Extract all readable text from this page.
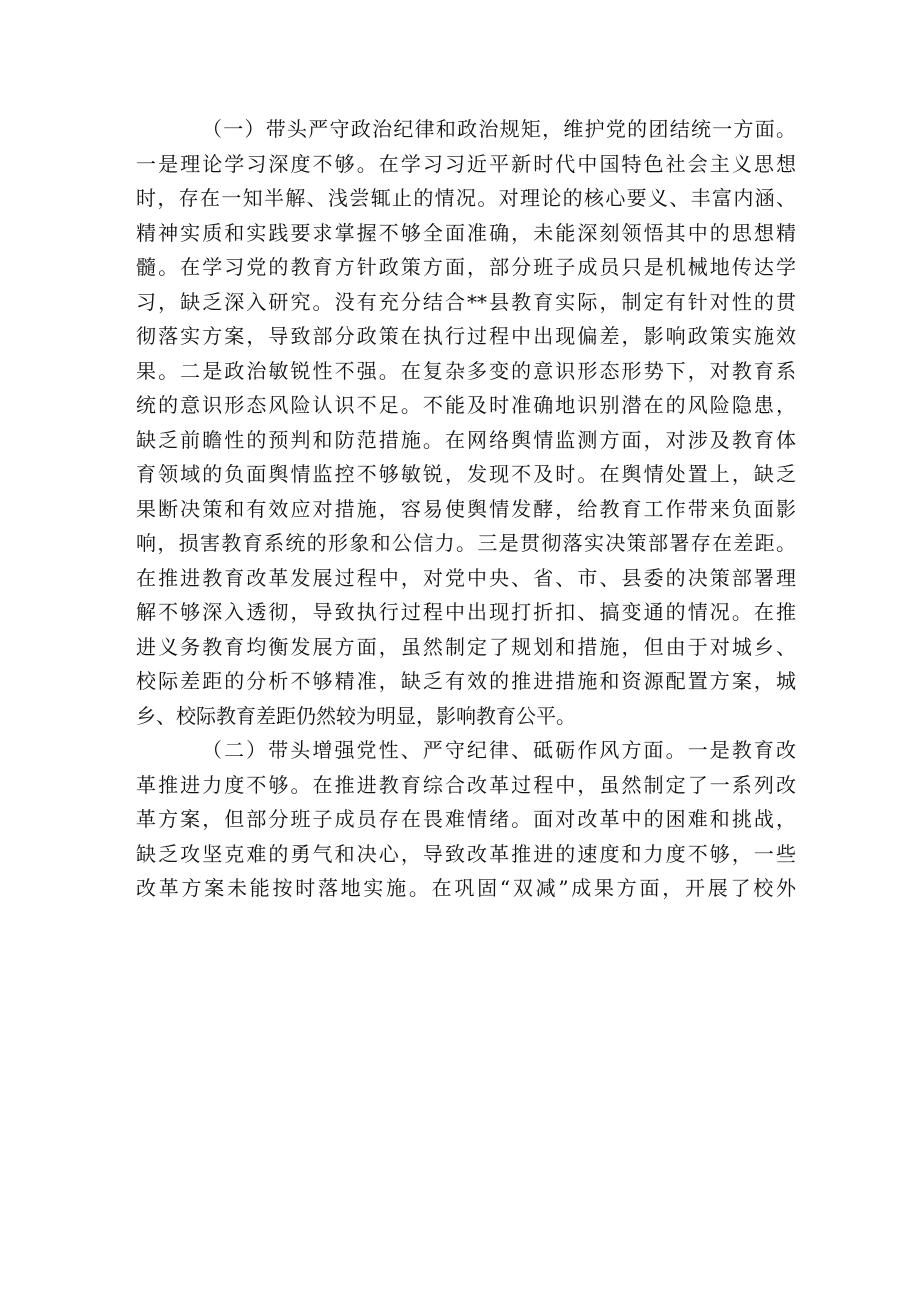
（一）带头严守政治纪律和政治规矩，维护党的团结统一方面。
一是理论学习深度不够。在学习习近平新时代中国特色社会主义思想
时，存在一知半解、浅尝辄止的情况。对理论的核心要义、丰富内涵、
精神实质和实践要求掌握不够全面准确，未能深刻领悟其中的思想精
髓。在学习党的教育方针政策方面，部分班子成员只是机械地传达学
习，缺乏深入研究。没有充分结合**县教育实际，制定有针对性的贯
彻落实方案，导致部分政策在执行过程中出现偏差，影响政策实施效
果。二是政治敏锐性不强。在复杂多变的意识形态形势下，对教育系
统的意识形态风险认识不足。不能及时准确地识别潜在的风险隐患，
缺乏前瞻性的预判和防范措施。在网络舆情监测方面，对涉及教育体
育领域的负面舆情监控不够敏锐，发现不及时。在舆情处置上，缺乏
果断决策和有效应对措施，容易使舆情发酵，给教育工作带来负面影
响，损害教育系统的形象和公信力。三是贯彻落实决策部署存在差距。
在推进教育改革发展过程中，对党中央、省、市、县委的决策部署理
解不够深入透彻，导致执行过程中出现打折扣、搞变通的情况。在推
进义务教育均衡发展方面，虽然制定了规划和措施，但由于对城乡、
校际差距的分析不够精准，缺乏有效的推进措施和资源配置方案，城
乡、校际教育差距仍然较为明显，影响教育公平。
（二）带头增强党性、严守纪律、砥砺作风方面。一是教育改
革推进力度不够。在推进教育综合改革过程中，虽然制定了一系列改
革方案，但部分班子成员存在畏难情绪。面对改革中的困难和挑战，
缺乏攻坚克难的勇气和决心，导致改革推进的速度和力度不够，一些
改革方案未能按时落地实施。在巩固“双减”成果方面，开展了校外
